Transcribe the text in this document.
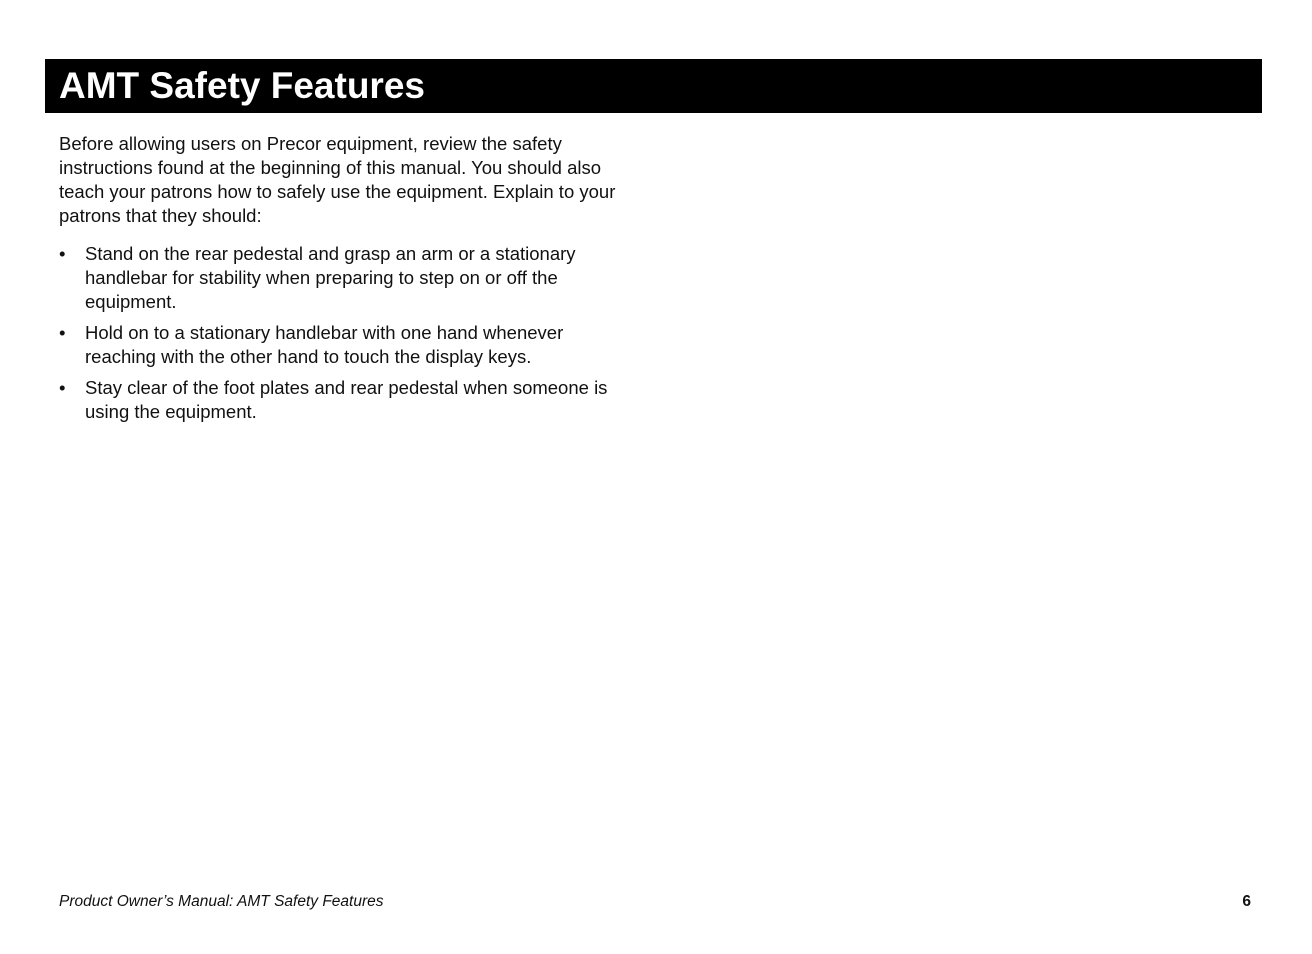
AMT Safety Features

Before allowing users on Precor equipment, review the safety instructions found at the beginning of this manual. You should also teach your patrons how to safely use the equipment. Explain to your patrons that they should:

• Stand on the rear pedestal and grasp an arm or a stationary handlebar for stability when preparing to step on or off the equipment.
• Hold on to a stationary handlebar with one hand whenever reaching with the other hand to touch the display keys.
• Stay clear of the foot plates and rear pedestal when someone is using the equipment.
Product Owner’s Manual: AMT Safety Features	6
